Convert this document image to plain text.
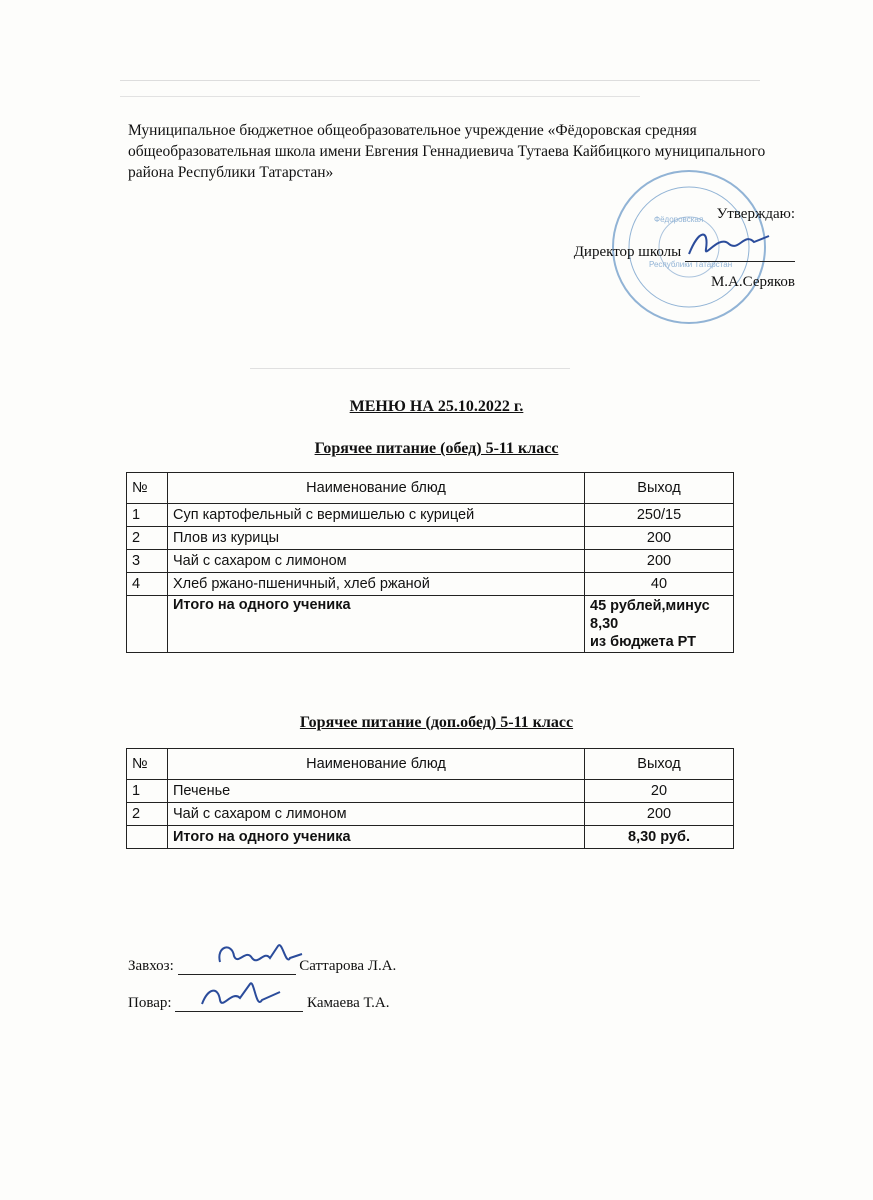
Муниципальное бюджетное общеобразовательное учреждение «Фёдоровская средняя общеобразовательная школа имени Евгения Геннадиевича Тутаева Кайбицкого муниципального района Республики Татарстан»
Фёдоровская
Республики Татарстан
Утверждаю:
Директор школы
М.А.Серяков
МЕНЮ НА 25.10.2022 г.
Горячее питание (обед) 5-11 класс
№	Наименование блюд	Выход
1	Суп картофельный с вермишелью с курицей	250/15
2	Плов из курицы	200
3	Чай с сахаром с лимоном	200
4	Хлеб ржано-пшеничный, хлеб ржаной	40
	Итого на одного ученика	45 рублей,минус 8,30
из бюджета РТ
Горячее питание (доп.обед) 5-11 класс
№	Наименование блюд	Выход
1	Печенье	20
2	Чай с сахаром с лимоном	200
	Итого на одного ученика	8,30 руб.
Завхоз:	Саттарова Л.А.
Повар:	Камаева Т.А.
